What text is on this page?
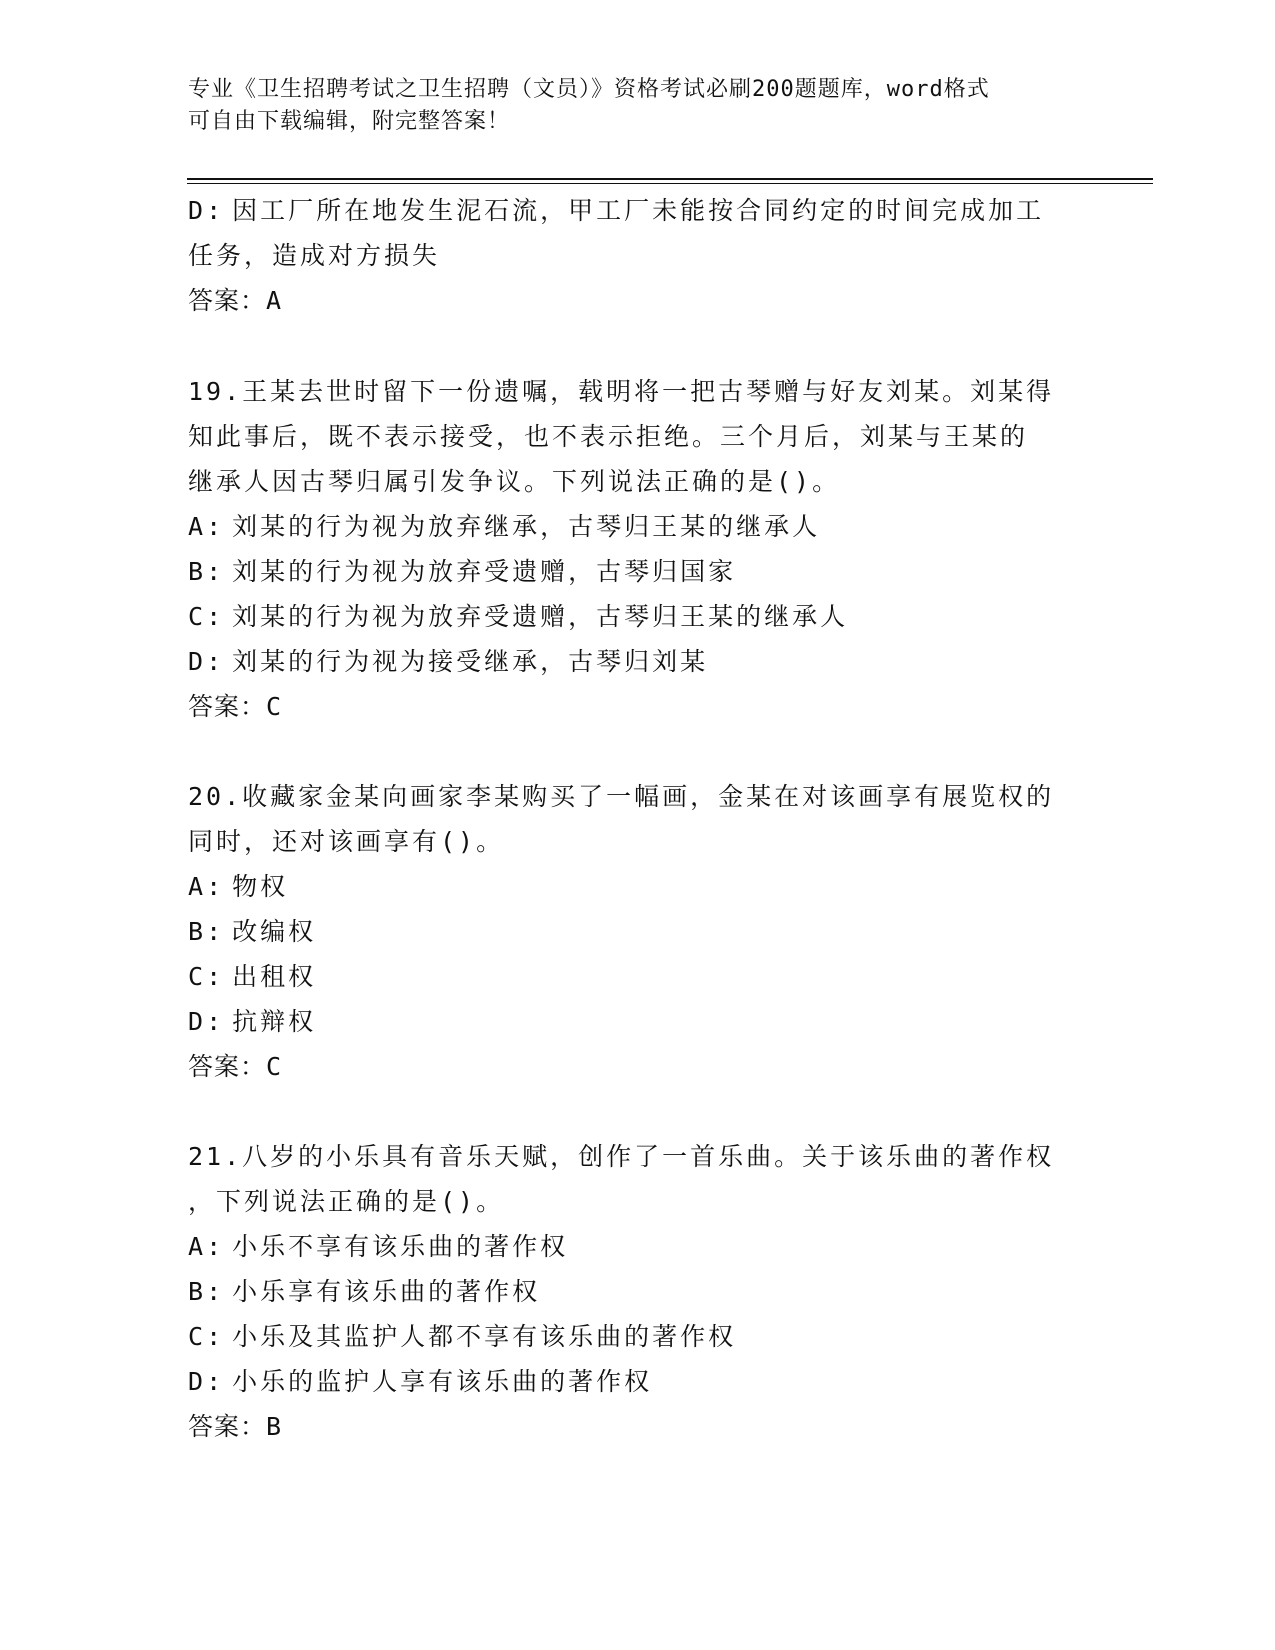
专业《卫生招聘考试之卫生招聘（文员）》资格考试必刷200题题库，word格式
可自由下载编辑，附完整答案！
D: 因工厂所在地发生泥石流，甲工厂未能按合同约定的时间完成加工
任务，造成对方损失
答案：A
19.王某去世时留下一份遗嘱，载明将一把古琴赠与好友刘某。刘某得
知此事后，既不表示接受，也不表示拒绝。三个月后，刘某与王某的
继承人因古琴归属引发争议。下列说法正确的是()。
A: 刘某的行为视为放弃继承，古琴归王某的继承人
B: 刘某的行为视为放弃受遗赠，古琴归国家
C: 刘某的行为视为放弃受遗赠，古琴归王某的继承人
D: 刘某的行为视为接受继承，古琴归刘某
答案：C
20.收藏家金某向画家李某购买了一幅画，金某在对该画享有展览权的
同时，还对该画享有()。
A: 物权
B: 改编权
C: 出租权
D: 抗辩权
答案：C
21.八岁的小乐具有音乐天赋，创作了一首乐曲。关于该乐曲的著作权
，下列说法正确的是()。
A: 小乐不享有该乐曲的著作权
B: 小乐享有该乐曲的著作权
C: 小乐及其监护人都不享有该乐曲的著作权
D: 小乐的监护人享有该乐曲的著作权
答案：B
